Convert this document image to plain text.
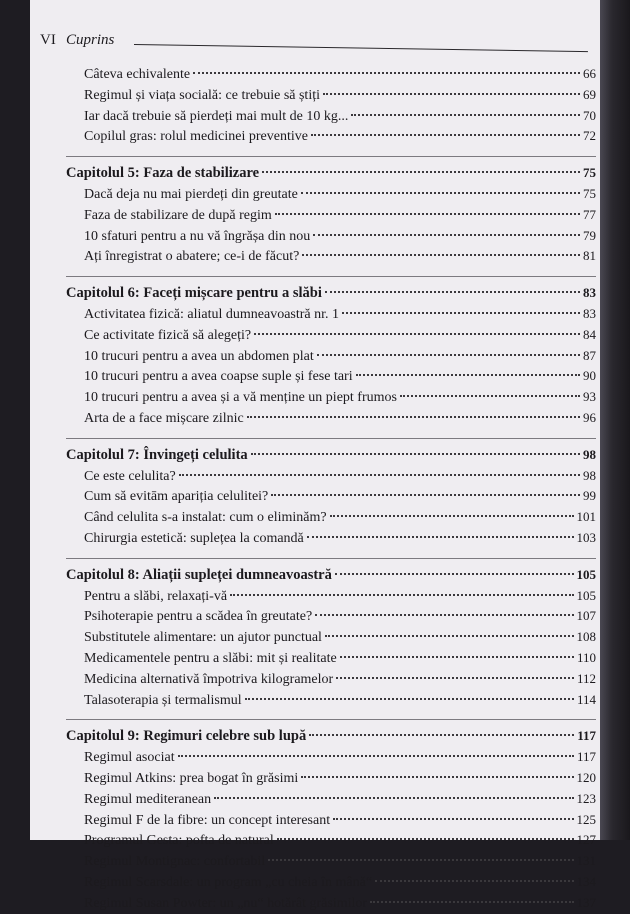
VI Cuprins
Câteva echivalente	66
Regimul și viața socială: ce trebuie să știți	69
Iar dacă trebuie să pierdeți mai mult de 10 kg...	70
Copilul gras: rolul medicinei preventive	72
Capitolul 5: Faza de stabilizare	75
Dacă deja nu mai pierdeți din greutate	75
Faza de stabilizare de după regim	77
10 sfaturi pentru a nu vă îngrășa din nou	79
Ați înregistrat o abatere; ce-i de făcut?	81
Capitolul 6: Faceți mișcare pentru a slăbi	83
Activitatea fizică: aliatul dumneavoastră nr. 1	83
Ce activitate fizică să alegeți?	84
10 trucuri pentru a avea un abdomen plat	87
10 trucuri pentru a avea coapse suple și fese tari	90
10 trucuri pentru a avea și a vă menține un piept frumos	93
Arta de a face mișcare zilnic	96
Capitolul 7: Învingeți celulita	98
Ce este celulita?	98
Cum să evitām apariția celulitei?	99
Când celulita s-a instalat: cum o eliminăm?	101
Chirurgia estetică: suplețea la comandă	103
Capitolul 8: Aliații supleței dumneavoastră	105
Pentru a slăbi, relaxați-vă	105
Psihoterapie pentru a scădea în greutate?	107
Substitutele alimentare: un ajutor punctual	108
Medicamentele pentru a slăbi: mit și realitate	110
Medicina alternativă împotriva kilogramelor	112
Talasoterapia și termalismul	114
Capitolul 9: Regimuri celebre sub lupă	117
Regimul asociat	117
Regimul Atkins: prea bogat în grăsimi	120
Regimul mediteranean	123
Regimul F de la fibre: un concept interesant	125
Programul Gesta: pofta de natural	127
Regimul Montignac: confortabil	131
Regimul Scarsdale: un program „cu cheia în mână“	134
Regimul Susan Powter: un „nu“ hotărât grăsimilor	137
